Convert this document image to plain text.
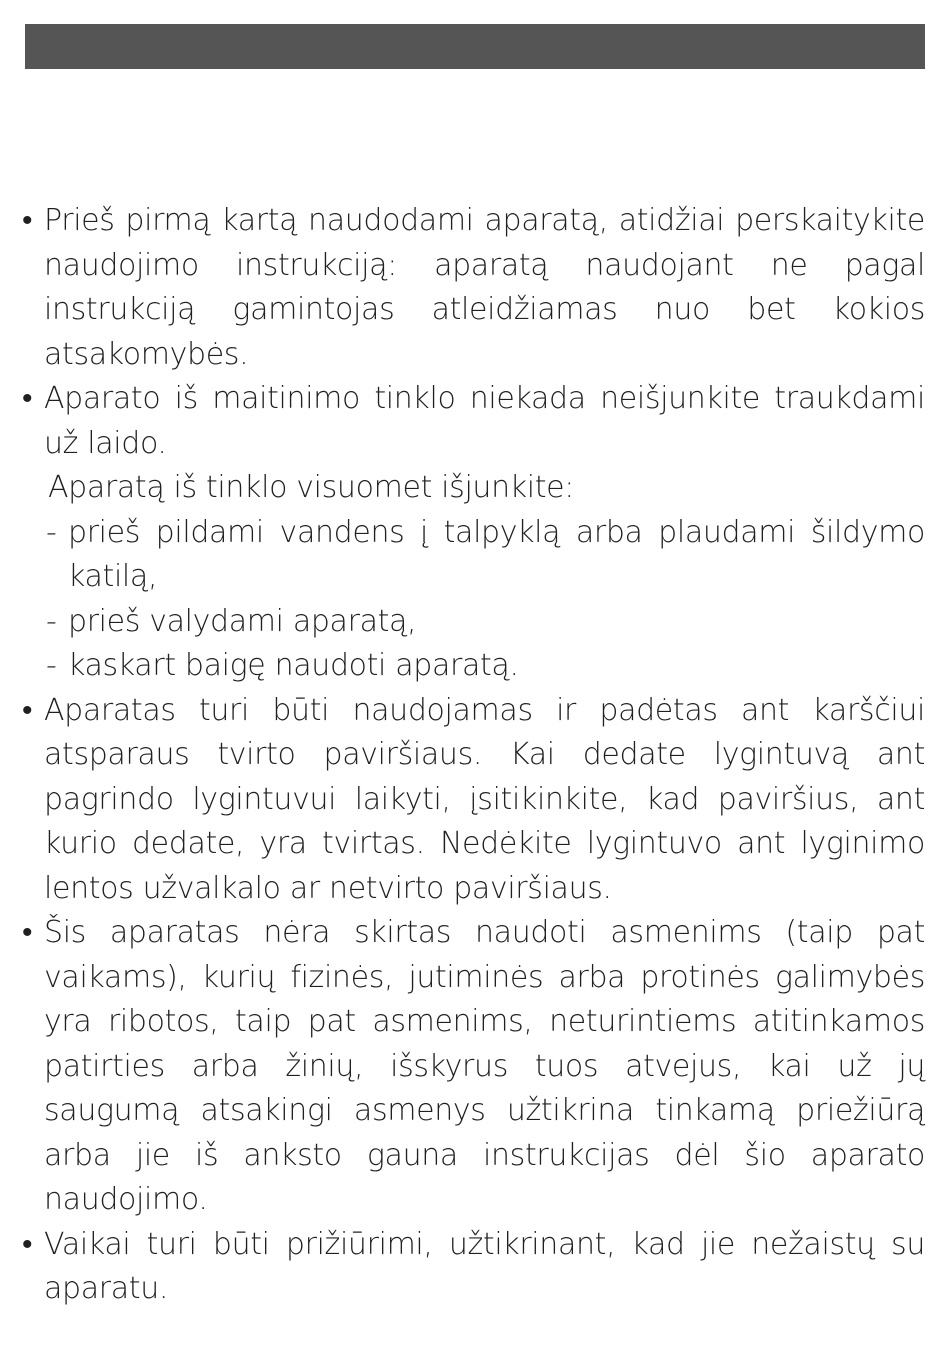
• Prieš pirmą kartą naudodami aparatą, atidžiai perskaitykite naudojimo instrukciją: aparatą naudojant ne pagal instrukciją gamintojas atleidžiamas nuo bet kokios atsakomybės.
• Aparato iš maitinimo tinklo niekada neišjunkite traukdami už laido.
Aparatą iš tinklo visuomet išjunkite:
- prieš pildami vandens į talpyklą arba plaudami šildymo katilą,
- prieš valydami aparatą,
- kaskart baigę naudoti aparatą.
• Aparatas turi būti naudojamas ir padėtas ant karščiui atsparaus tvirto paviršiaus. Kai dedate lygintuvą ant pagrindo lygintuvui laikyti, įsitikinkite, kad paviršius, ant kurio dedate, yra tvirtas. Nedėkite lygintuvo ant lyginimo lentos užvalkalo ar netvirto paviršiaus.
• Šis aparatas nėra skirtas naudoti asmenims (taip pat vaikams), kurių fizinės, jutiminės arba protinės galimybės yra ribotos, taip pat asmenims, neturintiems atitinkamos patirties arba žinių, išskyrus tuos atvejus, kai už jų saugumą atsakingi asmenys užtikrina tinkamą priežiūrą arba jie iš anksto gauna instrukcijas dėl šio aparato naudojimo.
• Vaikai turi būti prižiūrimi, užtikrinant, kad jie nežaistų su aparatu.
